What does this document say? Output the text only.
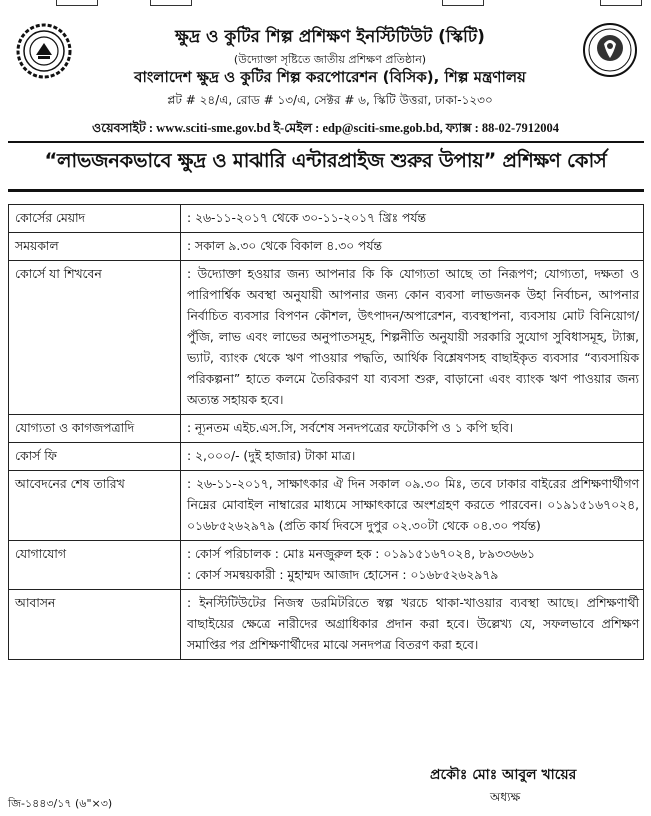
ক্ষুদ্র ও কুটির শিল্প প্রশিক্ষণ ইনস্টিটিউট (স্কিটি)
(উদ্যোক্তা সৃষ্টিতে জাতীয় প্রশিক্ষণ প্রতিষ্ঠান)
বাংলাদেশ ক্ষুদ্র ও কুটির শিল্প করপোরেশন (বিসিক), শিল্প মন্ত্রণালয়
প্লট # ২৪/এ, রোড # ১৩/এ, সেক্টর # ৬, স্কিটি উত্তরা, ঢাকা-১২৩০
ওয়েবসাইট : www.sciti-sme.gov.bd ই-মেইল : edp@sciti-sme.gob.bd, ফ্যাক্স : 88-02-7912004
“লাভজনকভাবে ক্ষুদ্র ও মাঝারি এন্টারপ্রাইজ শুরুর উপায়” প্রশিক্ষণ কোর্স
কোর্সের মেয়াদ	: ২৬-১১-২০১৭ থেকে ৩০-১১-২০১৭ খ্রিঃ পর্যন্ত
সময়কাল	: সকাল ৯.৩০ থেকে বিকাল ৪.৩০ পর্যন্ত
কোর্সে যা শিখবেন	: উদ্যোক্তা হওয়ার জন্য আপনার কি কি যোগ্যতা আছে তা নিরূপণ; যোগ্যতা, দক্ষতা ও পারিপার্শ্বিক অবস্থা অনুযায়ী আপনার জন্য কোন ব্যবসা লাভজনক উহা নির্বাচন, আপনার নির্বাচিত ব্যবসার বিপণন কৌশল, উৎপাদন/অপারেশন, ব্যবস্থাপনা, ব্যবসায় মোট বিনিয়োগ/পুঁজি, লাভ এবং লাভের অনুপাতসমূহ, শিল্পনীতি অনুযায়ী সরকারি সুযোগ সুবিধাসমূহ, ট্যাক্স, ভ্যাট, ব্যাংক থেকে ঋণ পাওয়ার পদ্ধতি, আর্থিক বিশ্লেষণসহ বাছাইকৃত ব্যবসার “ব্যবসায়িক পরিকল্পনা” হাতে কলমে তৈরিকরণ যা ব্যবসা শুরু, বাড়ানো এবং ব্যাংক ঋণ পাওয়ার জন্য অত্যন্ত সহায়ক হবে।
যোগ্যতা ও কাগজপত্রাদি	: ন্যূনতম এইচ.এস.সি, সর্বশেষ সনদপত্রের ফটোকপি ও ১ কপি ছবি।
কোর্স ফি	: ২,০০০/- (দুই হাজার) টাকা মাত্র।
আবেদনের শেষ তারিখ	: ২৬-১১-২০১৭, সাক্ষাৎকার ঐ দিন সকাল ০৯.৩০ মিঃ, তবে ঢাকার বাইরের প্রশিক্ষণার্থীগণ নিম্নের মোবাইল নাম্বারের মাধ্যমে সাক্ষাৎকারে অংশগ্রহণ করতে পারবেন। ০১৯১৫১৬৭০২৪, ০১৬৮৫২৬২৯৭৯ (প্রতি কার্য দিবসে দুপুর ০২.৩০টা থেকে ০৪.৩০ পর্যন্ত)
যোগাযোগ	: কোর্স পরিচালক : মোঃ মনজুরুল হক : ০১৯১৫১৬৭০২৪, ৮৯৩৩৬৬১
: কোর্স সমন্বয়কারী : মুহাম্মদ আজাদ হোসেন : ০১৬৮৫২৬২৯৭৯

আবাসন	: ইনস্টিটিউটের নিজস্ব ডরমিটরিতে স্বল্প খরচে থাকা-খাওয়ার ব্যবস্থা আছে। প্রশিক্ষণার্থী বাছাইয়ের ক্ষেত্রে নারীদের অগ্রাধিকার প্রদান করা হবে। উল্লেখ্য যে, সফলভাবে প্রশিক্ষণ সমাপ্তির পর প্রশিক্ষণার্থীদের মাঝে সনদপত্র বিতরণ করা হবে।
প্রকৌঃ মোঃ আবুল খায়ের
অধ্যক্ষ
জি-১৪৪৩/১৭ (৬"×৩)
